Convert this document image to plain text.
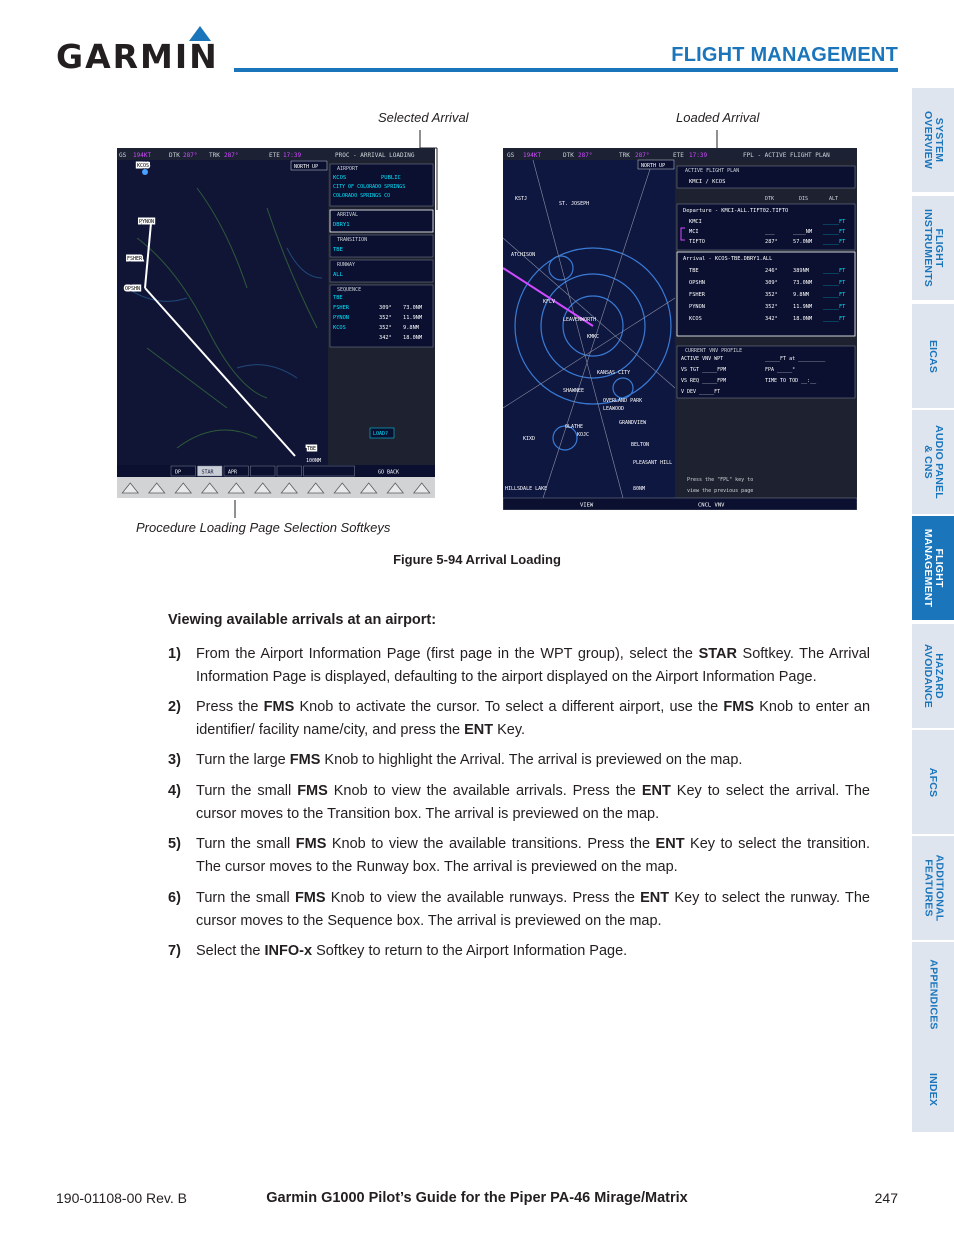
GARMIN	FLIGHT MANAGEMENT
SYSTEM
OVERVIEW
FLIGHT
INSTRUMENTS
EICAS
AUDIO PANEL
& CNS
FLIGHT
MANAGEMENT
HAZARD
AVOIDANCE
AFCS
ADDITIONAL
FEATURES
APPENDICES
INDEX
Selected Arrival	Loaded Arrival
Procedure Loading Page Selection Softkeys
GS 194KT	DTK 287° TRK 287°	ETE 17:39	PROC - ARRIVAL LOADING
NORTH UP
KCOS
PYNON
FSHER
OPSHN
TBE
100NM
AIRPORT
KCOS	PUBLIC
CITY OF COLORADO SPRINGS
COLORADO SPRINGS CO
ARRIVAL
DBRY1
TRANSITION
TBE
RUNWAY
ALL
SEQUENCE
TBE
FSHER	309° 73.0NM
PYNON	352° 11.9NM
KCOS	352° 9.8NM
342° 18.0NM
LOAD?
DP	STAR	APR	GO BACK
GS 194KT	DTK 287°	TRK 287°	ETE 17:39	FPL - ACTIVE FLIGHT PLAN
NORTH UP
KSTJ
ST. JOSEPH
ATCHISON
KFLV
LEAVENWORTH
KMKC
KANSAS CITY
OVERLAND PARK
LEAWOOD
GRANDVIEW
OLATHE
KOJC
KIXD
BELTON
HILLSDALE LAKE
PLEASANT HILL
SHAWNEE
80NM
ACTIVE FLIGHT PLAN
KMCI / KCOS
DTK	DIS	ALT
Departure - KMCI-ALL.TIFT02.TIFTO
KMCI	_____FT
MCI	___	____NM _____FT
TIFTO	287°	57.0NM _____FT
Arrival - KCOS-TBE.DBRY1.ALL
TBE	246°	389NM	_____FT
OPSHN	309°	73.0NM _____FT
FSHER	352°	9.8NM	_____FT
PYNON	352°	11.9NM _____FT
KCOS	342°	18.0NM _____FT
CURRENT VNV PROFILE
ACTIVE VNV WPT	_____FT at _________
VS TGT _____FPM	FPA _____°
VS REQ _____FPM	TIME TO TOD __:__
V DEV _____FT
Press the "FPL" key to
view the previous page
VIEW	CNCL VNV
Figure 5-94 Arrival Loading
Viewing available arrivals at an airport:
1) From the Airport Information Page (first page in the WPT group), select the STAR Softkey. The Arrival Information Page is displayed, defaulting to the airport displayed on the Airport Information Page.
2) Press the FMS Knob to activate the cursor. To select a different airport, use the FMS Knob to enter an identifier/ facility name/city, and press the ENT Key.
3) Turn the large FMS Knob to highlight the Arrival. The arrival is previewed on the map.
4) Turn the small FMS Knob to view the available arrivals. Press the ENT Key to select the arrival. The cursor moves to the Transition box. The arrival is previewed on the map.
5) Turn the small FMS Knob to view the available transitions. Press the ENT Key to select the transition. The cursor moves to the Runway box. The arrival is previewed on the map.
6) Turn the small FMS Knob to view the available runways. Press the ENT Key to select the runway. The cursor moves to the Sequence box. The arrival is previewed on the map.
7) Select the INFO-x Softkey to return to the Airport Information Page.
190-01108-00 Rev. B	Garmin G1000 Pilot’s Guide for the Piper PA-46 Mirage/Matrix	247
